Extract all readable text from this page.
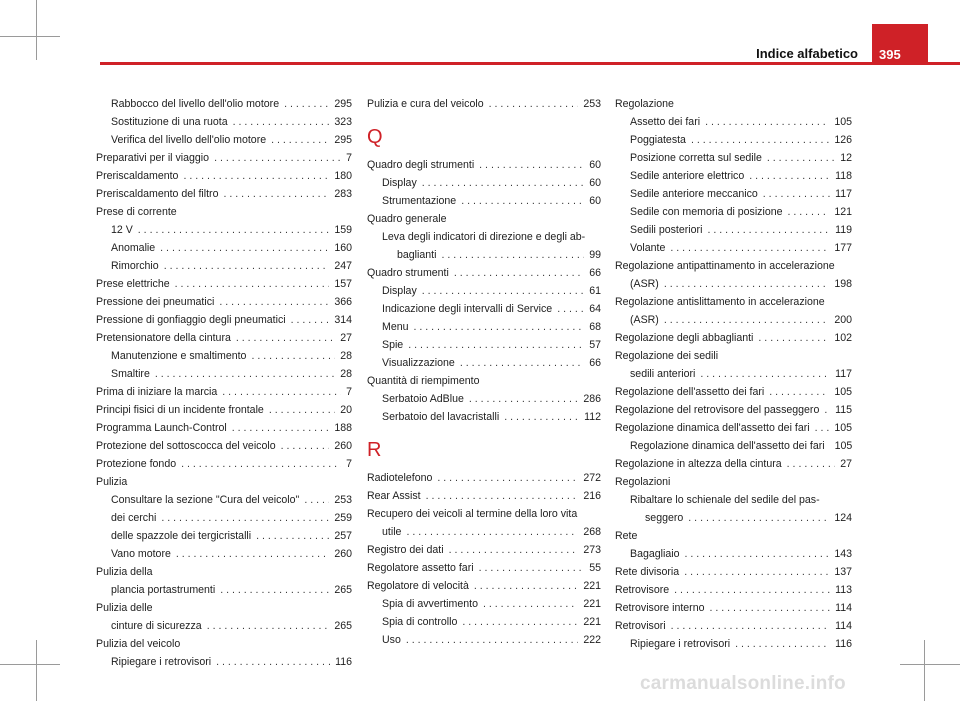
Indice alfabetico	395
Rabbocco del livello dell'olio motore . . .	295
Sostituzione di una ruota . . .	323
Verifica del livello dell'olio motore . . .	295
Preparativi per il viaggio . . .	7
Preriscaldamento . . .	180
Preriscaldamento del filtro . . .	283
Prese di corrente
12 V . . .	159
Anomalie . . .	160
Rimorchio . . .	247
Prese elettriche . . .	157
Pressione dei pneumatici . . .	366
Pressione di gonfiaggio degli pneumatici . . .	314
Pretensionatore della cintura . . .	27
Manutenzione e smaltimento . . .	28
Smaltire . . .	28
Prima di iniziare la marcia . . .	7
Principi fisici di un incidente frontale . . .	20
Programma Launch-Control . . .	188
Protezione del sottoscocca del veicolo . . .	260
Protezione fondo . . .	7
Pulizia
Consultare la sezione "Cura del veicolo" . . .	253
dei cerchi . . .	259
delle spazzole dei tergicristalli . . .	257
Vano motore . . .	260
Pulizia della
plancia portastrumenti . . .	265
Pulizia delle
cinture di sicurezza . . .	265
Pulizia del veicolo
Ripiegare i retrovisori . . .	116
Pulizia e cura del veicolo . . .	253
Q
Quadro degli strumenti . . .	60
Display . . .	60
Strumentazione . . .	60
Quadro generale
Leva degli indicatori di direzione e degli ab-
baglianti . . .	99
Quadro strumenti . . .	66
Display . . .	61
Indicazione degli intervalli di Service . . .	64
Menu . . .	68
Spie . . .	57
Visualizzazione . . .	66
Quantità di riempimento
Serbatoio AdBlue . . .	286
Serbatoio del lavacristalli . . .	112
R
Radiotelefono . . .	272
Rear Assist . . .	216
Recupero dei veicoli al termine della loro vita
utile . . .	268
Registro dei dati . . .	273
Regolatore assetto fari . . .	55
Regolatore di velocità . . .	221
Spia di avvertimento . . .	221
Spia di controllo . . .	221
Uso . . .	222
Regolazione
Assetto dei fari . . .	105
Poggiatesta . . .	126
Posizione corretta sul sedile . . .	12
Sedile anteriore elettrico . . .	118
Sedile anteriore meccanico . . .	117
Sedile con memoria di posizione . . .	121
Sedili posteriori . . .	119
Volante . . .	177
Regolazione antipattinamento in accelerazione
(ASR) . . .	198
Regolazione antislittamento in accelerazione
(ASR) . . .	200
Regolazione degli abbaglianti . . .	102
Regolazione dei sedili
sedili anteriori . . .	117
Regolazione dell'assetto dei fari . . .	105
Regolazione del retrovisore del passeggero . . . 115
Regolazione dinamica dell'assetto dei fari . . . 105
Regolazione dinamica dell'assetto dei fari 105
Regolazione in altezza della cintura . . .	27
Regolazioni
Ribaltare lo schienale del sedile del pas-
seggero . . .	124
Rete
Bagagliaio . . .	143
Rete divisoria . . .	137
Retrovisore . . .	113
Retrovisore interno . . .	114
Retrovisori . . .	114
Ripiegare i retrovisori . . .	116
carmanualsonline.info
